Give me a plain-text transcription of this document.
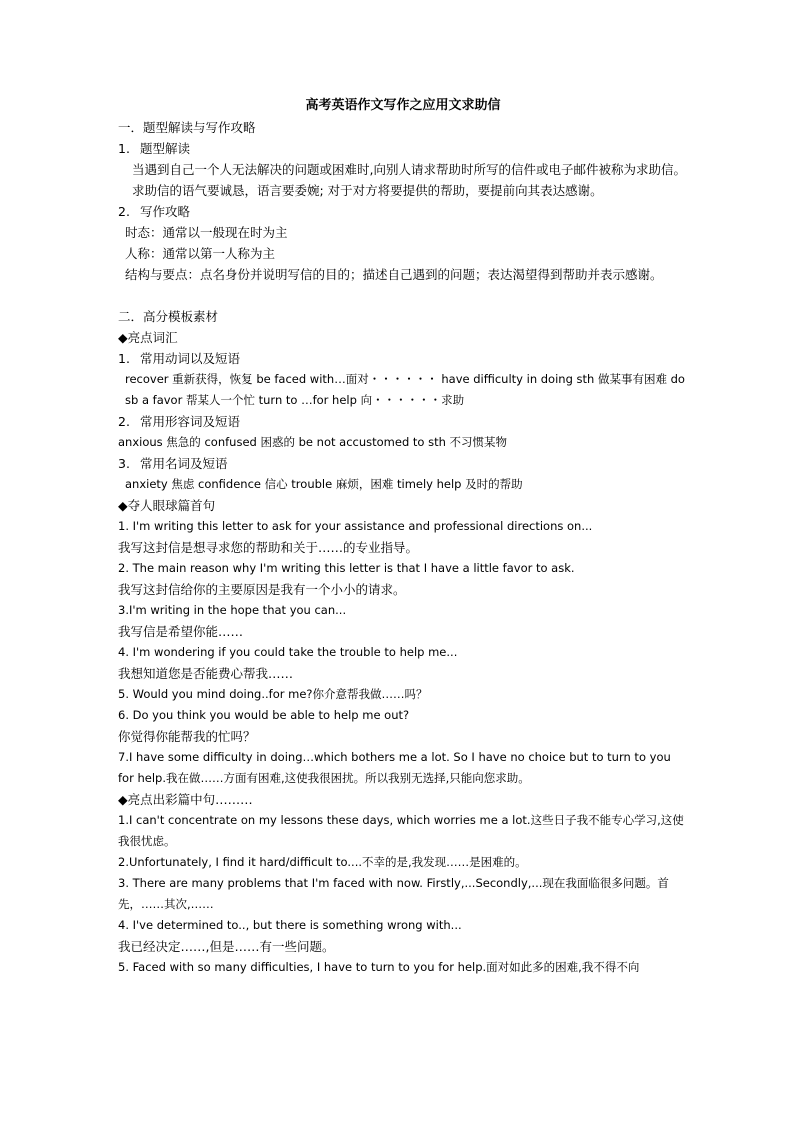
高考英语作文写作之应用文求助信
一．题型解读与写作攻略
1. 题型解读
当遇到自己一个人无法解决的问题或困难时,向别人请求帮助时所写的信件或电子邮件被称为求助信。求助信的语气要诚恳，语言要委婉; 对于对方将要提供的帮助，要提前向其表达感谢。
2. 写作攻略
时态：通常以一般现在时为主
人称：通常以第一人称为主
结构与要点：点名身份并说明写信的目的；描述自己遇到的问题；表达渴望得到帮助并表示感谢。
二．高分模板素材
◆亮点词汇
1. 常用动词以及短语
recover 重新获得，恢复 be faced with…面对・・・・・・ have difficulty in doing sth 做某事有困难 do sb a favor 帮某人一个忙 turn to …for help 向・・・・・・求助
2. 常用形容词及短语
anxious 焦急的 confused 困惑的 be not accustomed to sth 不习惯某物
3. 常用名词及短语
anxiety 焦虑 confidence 信心 trouble 麻烦，困难 timely help 及时的帮助
◆夺人眼球篇首句
1. I'm writing this letter to ask for your assistance and professional directions on...
我写这封信是想寻求您的帮助和关于……的专业指导。
2. The main reason why I'm writing this letter is that I have a little favor to ask.
我写这封信给你的主要原因是我有一个小小的请求。
3.I'm writing in the hope that you can...
我写信是希望你能……
4. I'm wondering if you could take the trouble to help me...
我想知道您是否能费心帮我……
5. Would you mind doing..for me?你介意帮我做……吗？
6. Do you think you would be able to help me out?
你觉得你能帮我的忙吗？
7.I have some difficulty in doing…which bothers me a lot. So I have no choice but to turn to you for help.我在做……方面有困难,这使我很困扰。所以我别无选择,只能向您求助。
◆亮点出彩篇中句………
1.I can't concentrate on my lessons these days, which worries me a lot.这些日子我不能专心学习,这使我很忧虑。
2.Unfortunately, I find it hard/difficult to....不幸的是,我发现……是困难的。
3. There are many problems that I'm faced with now. Firstly,...Secondly,...现在我面临很多问题。首先，……其次,……
4. I've determined to.., but there is something wrong with...
我已经决定……,但是……有一些问题。
5. Faced with so many difficulties, I have to turn to you for help.面对如此多的困难,我不得不向
